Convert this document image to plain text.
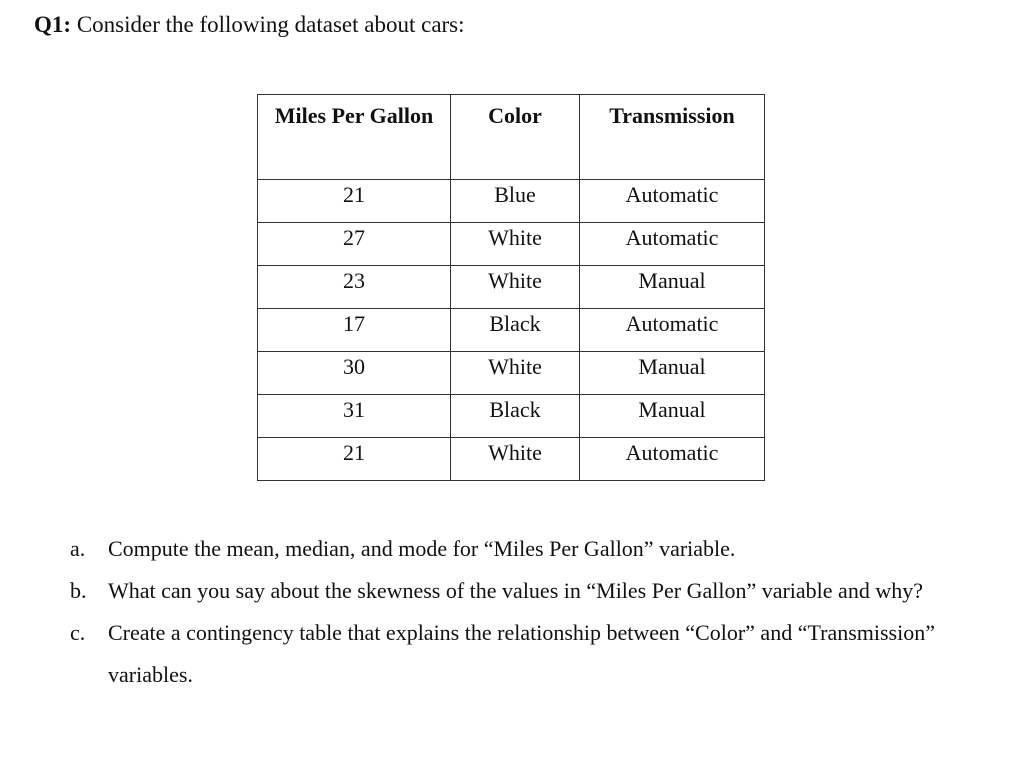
Q1: Consider the following dataset about cars:
Miles Per Gallon	Color	Transmission

21	Blue	Automatic
27	White	Automatic
23	White	Manual
17	Black	Automatic
30	White	Manual
31	Black	Manual
21	White	Automatic
a. Compute the mean, median, and mode for “Miles Per Gallon” variable.
b. What can you say about the skewness of the values in “Miles Per Gallon” variable and why?
c. Create a contingency table that explains the relationship between “Color” and “Transmission” variables.
